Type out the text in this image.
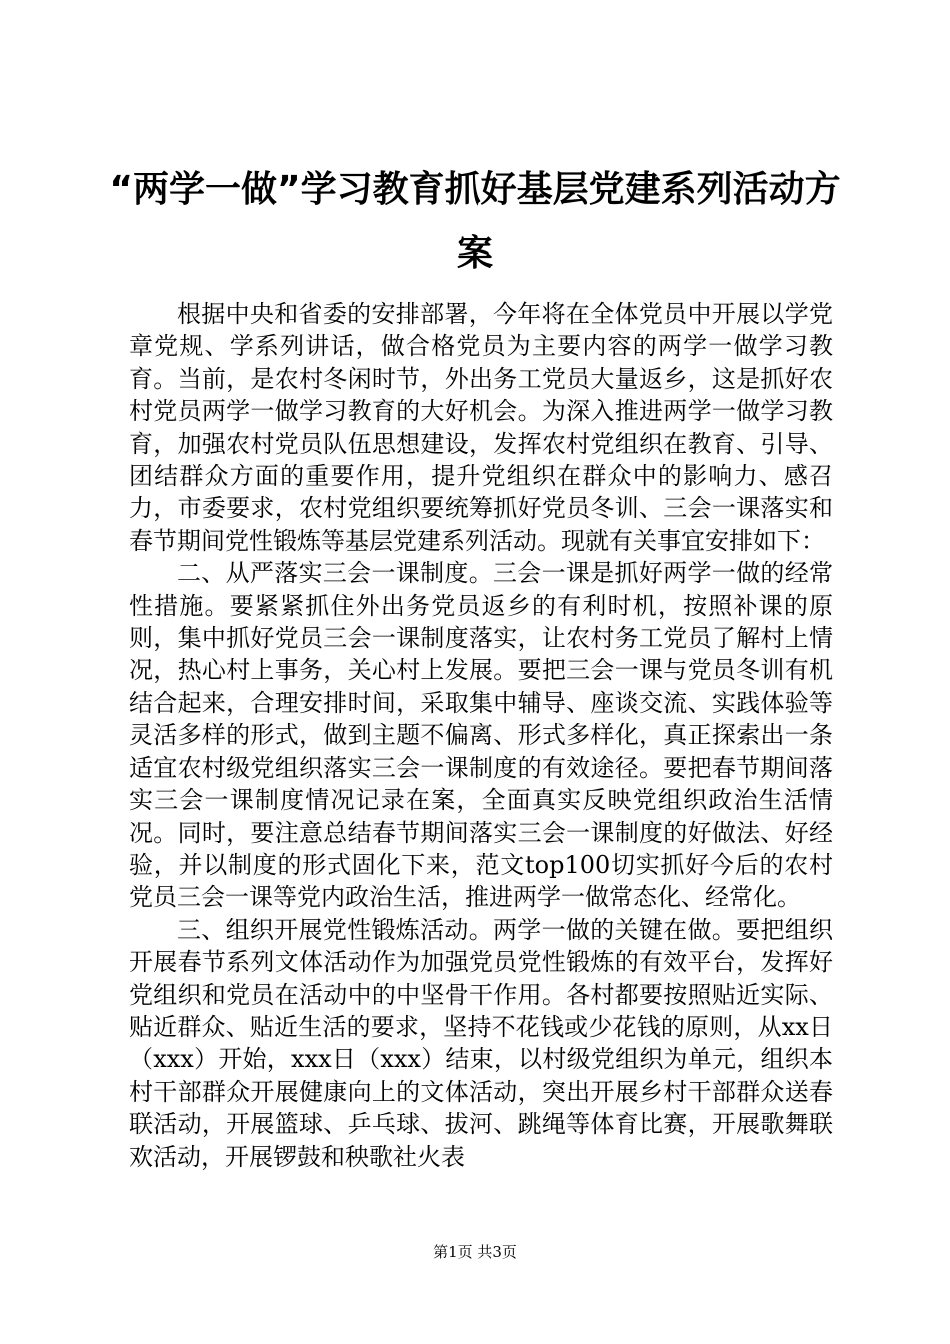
“两学一做”学习教育抓好基层党建系列活动方案

根据中央和省委的安排部署，今年将在全体党员中开展以学党章党规、学系列讲话，做合格党员为主要内容的两学一做学习教育。当前，是农村冬闲时节，外出务工党员大量返乡，这是抓好农村党员两学一做学习教育的大好机会。为深入推进两学一做学习教育，加强农村党员队伍思想建设，发挥农村党组织在教育、引导、团结群众方面的重要作用，提升党组织在群众中的影响力、感召力，市委要求，农村党组织要统筹抓好党员冬训、三会一课落实和春节期间党性锻炼等基层党建系列活动。现就有关事宜安排如下：

二、从严落实三会一课制度。三会一课是抓好两学一做的经常性措施。要紧紧抓住外出务党员返乡的有利时机，按照补课的原则，集中抓好党员三会一课制度落实，让农村务工党员了解村上情况，热心村上事务，关心村上发展。要把三会一课与党员冬训有机结合起来，合理安排时间，采取集中辅导、座谈交流、实践体验等灵活多样的形式，做到主题不偏离、形式多样化，真正探索出一条适宜农村级党组织落实三会一课制度的有效途径。要把春节期间落实三会一课制度情况记录在案，全面真实反映党组织政治生活情况。同时，要注意总结春节期间落实三会一课制度的好做法、好经验，并以制度的形式固化下来，范文top100切实抓好今后的农村党员三会一课等党内政治生活，推进两学一做常态化、经常化。

三、组织开展党性锻炼活动。两学一做的关键在做。要把组织开展春节系列文体活动作为加强党员党性锻炼的有效平台，发挥好党组织和党员在活动中的中坚骨干作用。各村都要按照贴近实际、贴近群众、贴近生活的要求，坚持不花钱或少花钱的原则，从xx日（xxx）开始，xxx日（xxx）结束，以村级党组织为单元，组织本村干部群众开展健康向上的文体活动，突出开展乡村干部群众送春联活动，开展篮球、乒乓球、拔河、跳绳等体育比赛，开展歌舞联欢活动，开展锣鼓和秧歌社火表

第1页 共3页
